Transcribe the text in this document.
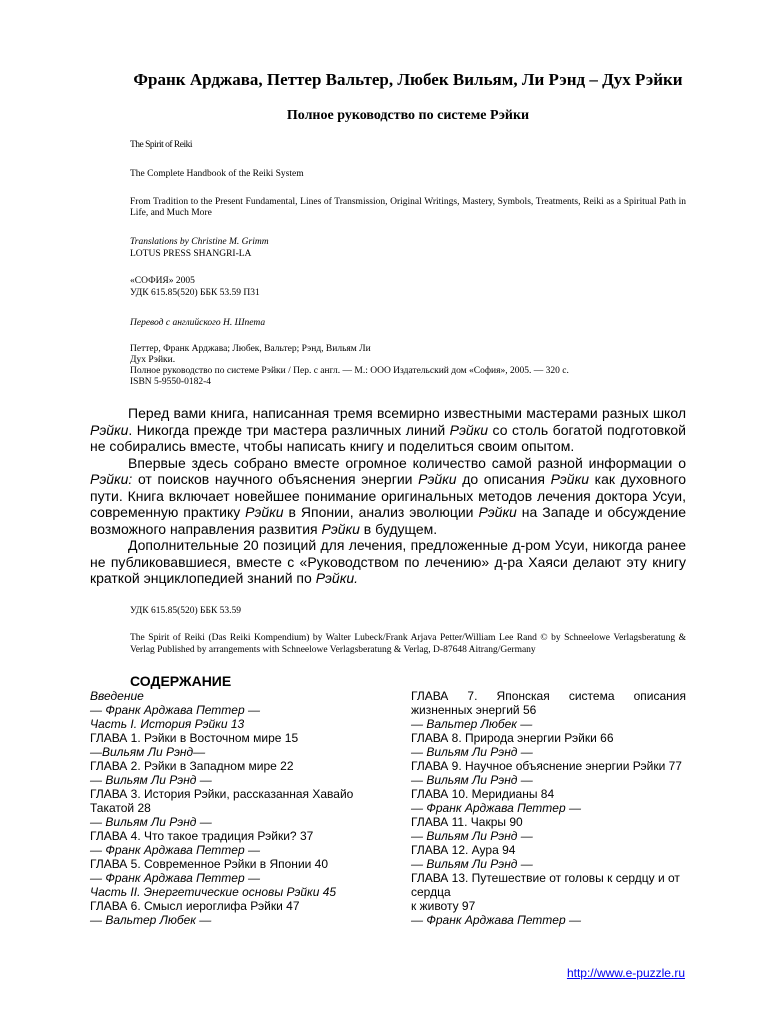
Франк Арджава, Петтер Вальтер, Любек Вильям, Ли Рэнд – Дух Рэйки
Полное руководство по системе Рэйки
The Spirit of Reiki
The Complete Handbook of the Reiki System
From Tradition to the Present Fundamental, Lines of Transmission, Original Writings, Mastery, Symbols, Treatments, Reiki as a Spiritual Path in Life, and Much More
Translations by Christine M. Grimm
LOTUS PRESS SHANGRI-LA
«СОФИЯ» 2005
УДК 615.85(520) ББК 53.59 П31
Перевод с английского Н. Шпета
Петтер, Франк Арджава; Любек, Вальтер; Рэнд, Вильям Ли
Дух Рэйки.
Полное руководство по системе Рэйки / Пер. с англ. — М.: ООО Издательский дом «София», 2005. — 320 с.
ISBN 5-9550-0182-4

Перед вами книга, написанная тремя всемирно известными мастерами разных школ Рэйки. Никогда прежде три мастера различных линий Рэйки со столь богатой подготовкой не собирались вместе, чтобы написать книгу и поделиться своим опытом.

Впервые здесь собрано вместе огромное количество самой разной информации о Рэйки: от поисков научного объяснения энергии Рэйки до описания Рэйки как духовного пути. Книга включает новейшее понимание оригинальных методов лечения доктора Усуи, современную практику Рэйки в Японии, анализ эволюции Рэйки на Западе и обсуждение возможного направления развития Рэйки в будущем.

Дополнительные 20 позиций для лечения, предложенные д-ром Усуи, никогда ранее не публиковавшиеся, вместе с «Руководством по лечению» д-ра Хаяси делают эту книгу краткой энциклопедией знаний по Рэйки.

УДК 615.85(520) ББК 53.59
The Spirit of Reiki (Das Reiki Kompendium) by Walter Lubeck/Frank Arjava Petter/William Lee Rand © by Schneelowe Verlagsberatung & Verlag Published by arrangements with Schneelowe Verlagsberatung & Verlag, D-87648 Aitrang/Germany
СОДЕРЖАНИЕ
Введение
— Франк Арджава Петтер —
Часть I. История Рэйки 13
ГЛАВА 1. Рэйки в Восточном мире 15
—Вильям Ли Рэнд—
ГЛАВА 2. Рэйки в Западном мире 22
— Вильям Ли Рэнд —
ГЛАВА 3. История Рэйки, рассказанная Хавайо
Такатой 28
— Вильям Ли Рэнд —
ГЛАВА 4. Что такое традиция Рэйки? 37
— Франк Арджава Петтер —
ГЛАВА 5. Современное Рэйки в Японии 40
— Франк Арджава Петтер —
Часть II. Энергетические основы Рэйки 45
ГЛАВА 6. Смысл иероглифа Рэйки 47
— Вальтер Любек —
ГЛАВА 7. Японская система описания
жизненных энергий 56
— Вальтер Любек —
ГЛАВА 8. Природа энергии Рэйки 66
— Вильям Ли Рэнд —
ГЛАВА 9. Научное объяснение энергии Рэйки 77
— Вильям Ли Рэнд —
ГЛАВА 10. Меридианы 84
— Франк Арджава Петтер —
ГЛАВА 11. Чакры 90
— Вильям Ли Рэнд —
ГЛАВА 12. Аура 94
— Вильям Ли Рэнд —
ГЛАВА 13. Путешествие от головы к сердцу и от
сердца
к животу 97
— Франк Арджава Петтер —
http://www.e-puzzle.ru
